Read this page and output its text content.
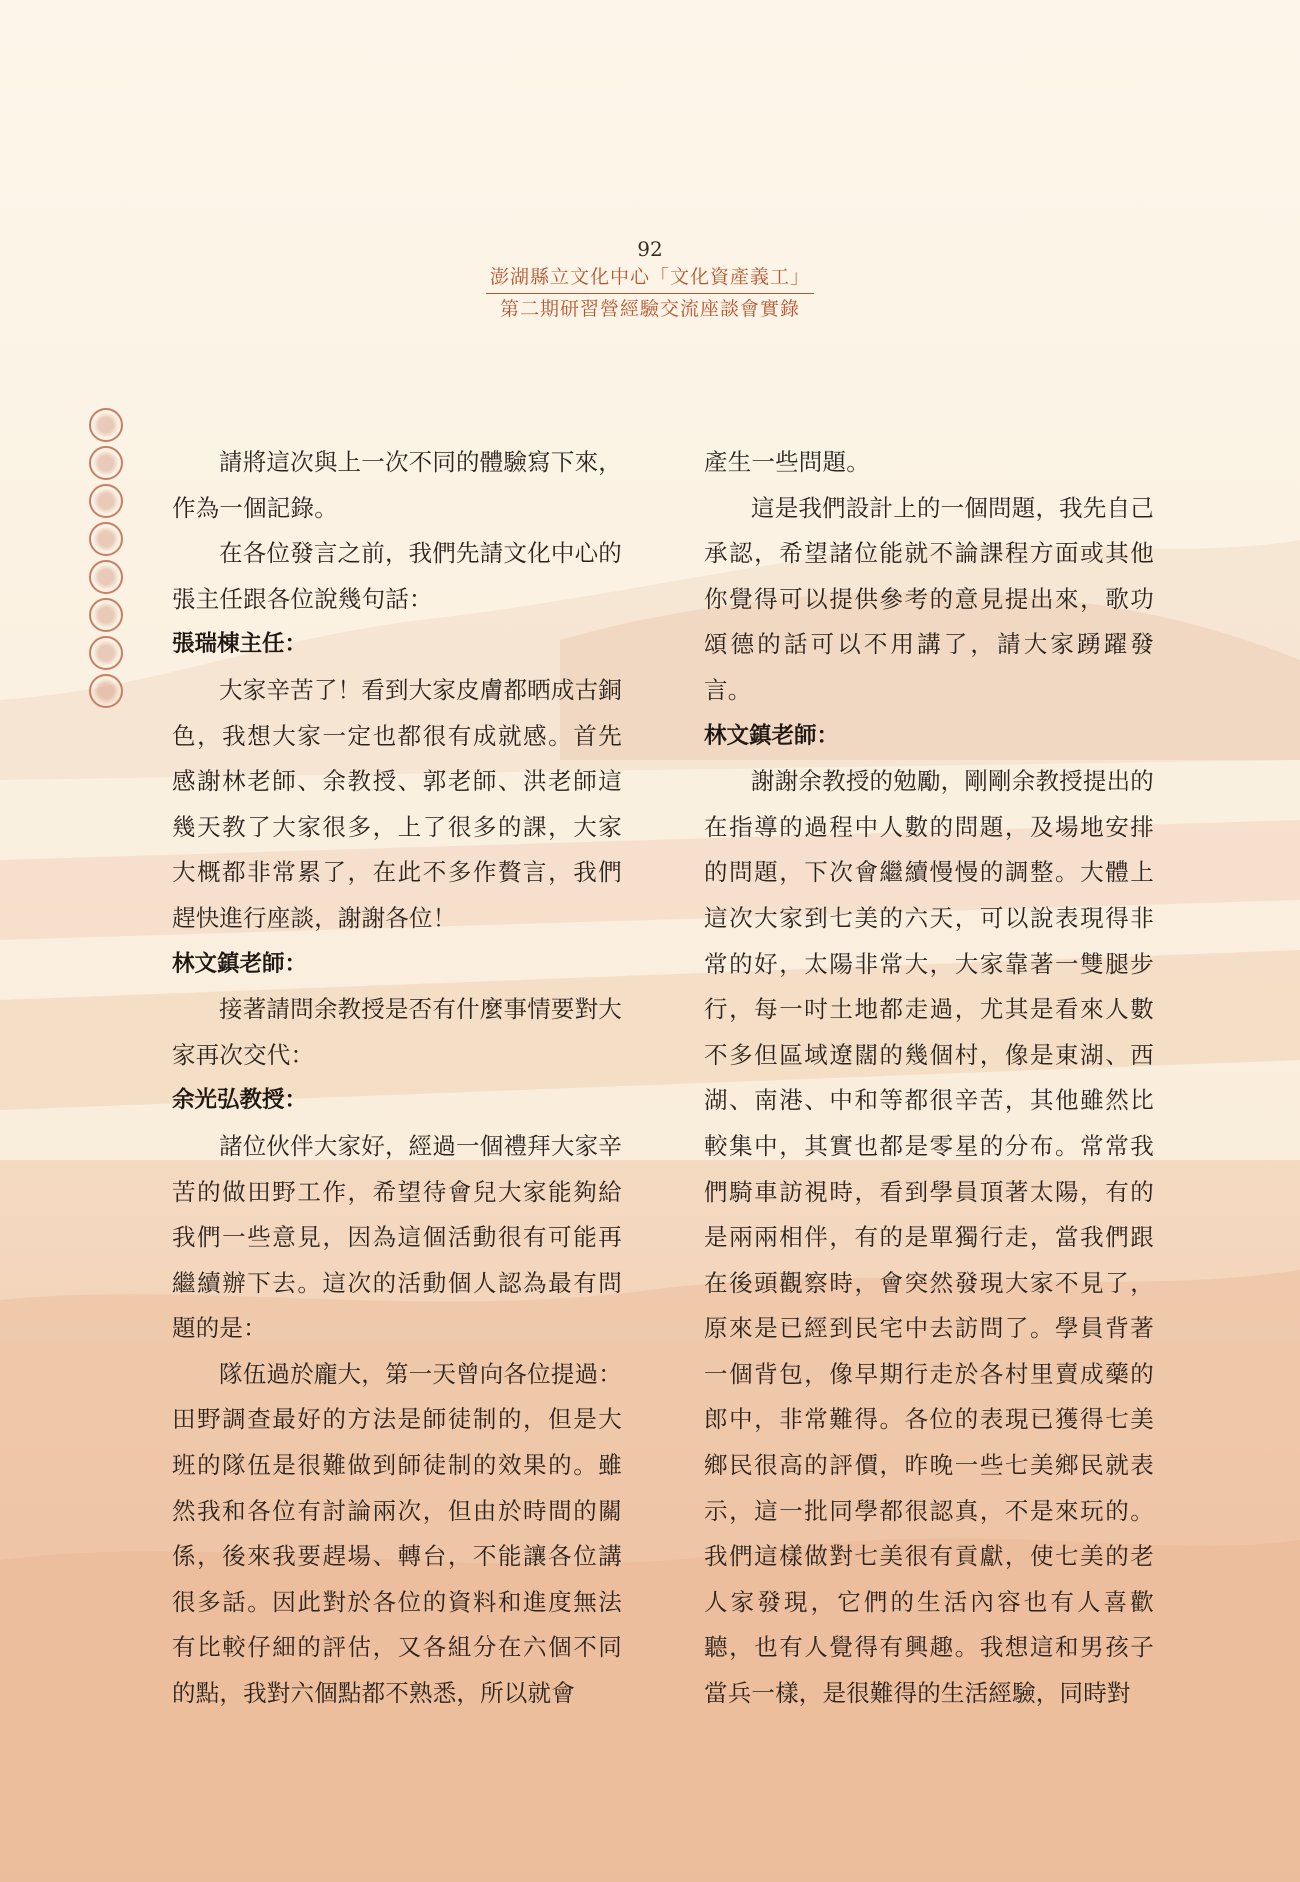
92
澎湖縣立文化中心「文化資產義工」
第二期研習營經驗交流座談會實錄

請將這次與上一次不同的體驗寫下來，作為一個記錄。

在各位發言之前，我們先請文化中心的張主任跟各位說幾句話：

張瑞棟主任：

大家辛苦了！看到大家皮膚都晒成古銅色，我想大家一定也都很有成就感。首先感謝林老師、余教授、郭老師、洪老師這幾天教了大家很多，上了很多的課，大家大概都非常累了，在此不多作贅言，我們趕快進行座談，謝謝各位！

林文鎮老師：

接著請問余教授是否有什麼事情要對大家再次交代：

余光弘教授：

諸位伙伴大家好，經過一個禮拜大家辛苦的做田野工作，希望待會兒大家能夠給我們一些意見，因為這個活動很有可能再繼續辦下去。這次的活動個人認為最有問題的是：

隊伍過於龐大，第一天曾向各位提過：田野調查最好的方法是師徒制的，但是大班的隊伍是很難做到師徒制的效果的。雖然我和各位有討論兩次，但由於時間的關係，後來我要趕場、轉台，不能讓各位講很多話。因此對於各位的資料和進度無法有比較仔細的評估，又各組分在六個不同的點，我對六個點都不熟悉，所以就會

產生一些問題。

這是我們設計上的一個問題，我先自己承認，希望諸位能就不論課程方面或其他你覺得可以提供參考的意見提出來，歌功頌德的話可以不用講了，請大家踴躍發言。

林文鎮老師：

謝謝余教授的勉勵，剛剛余教授提出的在指導的過程中人數的問題，及場地安排的問題，下次會繼續慢慢的調整。大體上這次大家到七美的六天，可以說表現得非常的好，太陽非常大，大家靠著一雙腿步行，每一吋土地都走過，尤其是看來人數不多但區域遼闊的幾個村，像是東湖、西湖、南港、中和等都很辛苦，其他雖然比較集中，其實也都是零星的分布。常常我們騎車訪視時，看到學員頂著太陽，有的是兩兩相伴，有的是單獨行走，當我們跟在後頭觀察時，會突然發現大家不見了，原來是已經到民宅中去訪問了。學員背著一個背包，像早期行走於各村里賣成藥的郎中，非常難得。各位的表現已獲得七美鄉民很高的評價，昨晚一些七美鄉民就表示，這一批同學都很認真，不是來玩的。我們這樣做對七美很有貢獻，使七美的老人家發現，它們的生活內容也有人喜歡聽，也有人覺得有興趣。我想這和男孩子當兵一樣，是很難得的生活經驗，同時對
